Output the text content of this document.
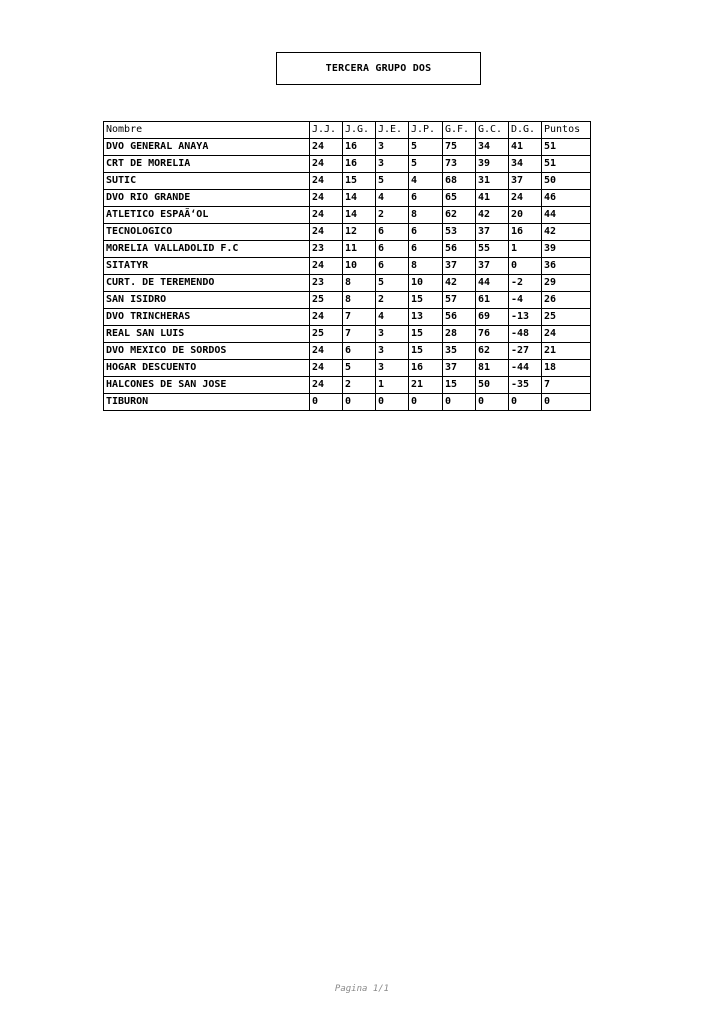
TERCERA GRUPO DOS
Nombre	J.J.	J.G.	J.E.	J.P.	G.F.	G.C.	D.G.	Puntos
DVO GENERAL ANAYA	24	16	3	5	75	34	41	51
CRT DE MORELIA	24	16	3	5	73	39	34	51
SUTIC	24	15	5	4	68	31	37	50
DVO RIO GRANDE	24	14	4	6	65	41	24	46
ATLETICO ESPAÃ‘OL	24	14	2	8	62	42	20	44
TECNOLOGICO	24	12	6	6	53	37	16	42
MORELIA VALLADOLID F.C	23	11	6	6	56	55	1	39
SITATYR	24	10	6	8	37	37	0	36
CURT. DE TEREMENDO	23	8	5	10	42	44	-2	29
SAN ISIDRO	25	8	2	15	57	61	-4	26
DVO TRINCHERAS	24	7	4	13	56	69	-13	25
REAL SAN LUIS	25	7	3	15	28	76	-48	24
DVO MEXICO DE SORDOS	24	6	3	15	35	62	-27	21
HOGAR DESCUENTO	24	5	3	16	37	81	-44	18
HALCONES DE SAN JOSE	24	2	1	21	15	50	-35	7
TIBURON	0	0	0	0	0	0	0	0
Pagina 1/1
